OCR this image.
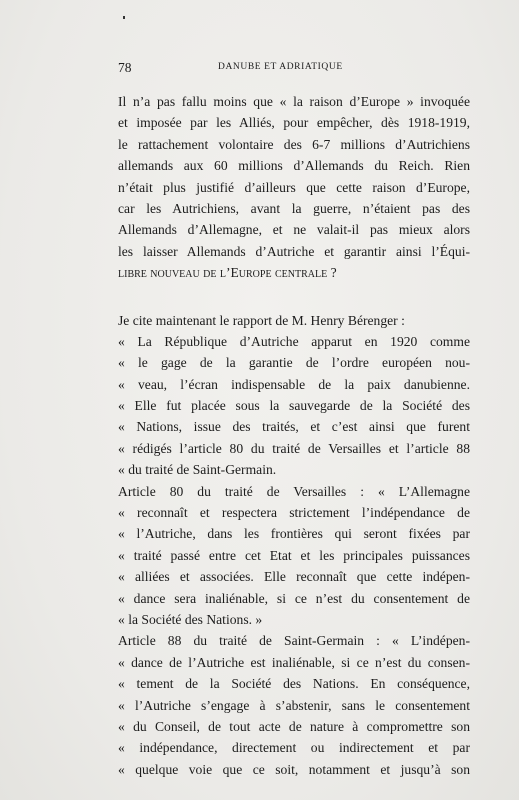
78	DANUBE ET ADRIATIQUE
Il n’a pas fallu moins que « la raison d’Europe » invoquée
et imposée par les Alliés, pour empêcher, dès 1918-1919,
le rattachement volontaire des 6-7 millions d’Autrichiens
allemands aux 60 millions d’Allemands du Reich. Rien
n’était plus justifié d’ailleurs que cette raison d’Europe,
car les Autrichiens, avant la guerre, n’étaient pas des
Allemands d’Allemagne, et ne valait-il pas mieux alors
les laisser Allemands d’Autriche et garantir ainsi l’Équi-
libre nouveau de l’Europe centrale ?
Je cite maintenant le rapport de M. Henry Bérenger :
« La République d’Autriche apparut en 1920 comme
« le gage de la garantie de l’ordre européen nou-
« veau, l’écran indispensable de la paix danubienne.
« Elle fut placée sous la sauvegarde de la Société des
« Nations, issue des traités, et c’est ainsi que furent
« rédigés l’article 80 du traité de Versailles et l’article 88
« du traité de Saint-Germain.
Article 80 du traité de Versailles : « L’Allemagne
« reconnaît et respectera strictement l’indépendance de
« l’Autriche, dans les frontières qui seront fixées par
« traité passé entre cet Etat et les principales puissances
« alliées et associées. Elle reconnaît que cette indépen-
« dance sera inaliénable, si ce n’est du consentement de
« la Société des Nations. »
Article 88 du traité de Saint-Germain : « L’indépen-
« dance de l’Autriche est inaliénable, si ce n’est du consen-
« tement de la Société des Nations. En conséquence,
« l’Autriche s’engage à s’abstenir, sans le consentement
« du Conseil, de tout acte de nature à compromettre son
« indépendance, directement ou indirectement et par
« quelque voie que ce soit, notamment et jusqu’à son
